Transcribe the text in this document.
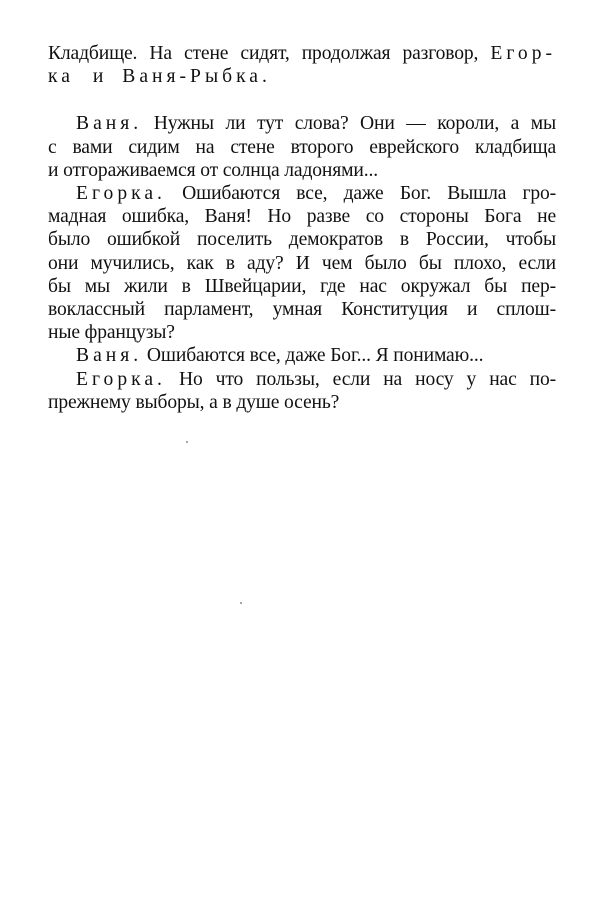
Кладбище. На стене сидят, продолжая разговор, Егор-
ка и Ваня-Рыбка.
Ваня. Нужны ли тут слова? Они — короли, а мы
с вами сидим на стене второго еврейского кладбища
и отгораживаемся от солнца ладонями...
Егорка. Ошибаются все, даже Бог. Вышла гро-
мадная ошибка, Ваня! Но разве со стороны Бога не
было ошибкой поселить демократов в России, чтобы
они мучились, как в аду? И чем было бы плохо, если
бы мы жили в Швейцарии, где нас окружал бы пер-
воклассный парламент, умная Конституция и сплош-
ные французы?
Ваня. Ошибаются все, даже Бог... Я понимаю...
Егорка. Но что пользы, если на носу у нас по-
прежнему выборы, а в душе осень?
